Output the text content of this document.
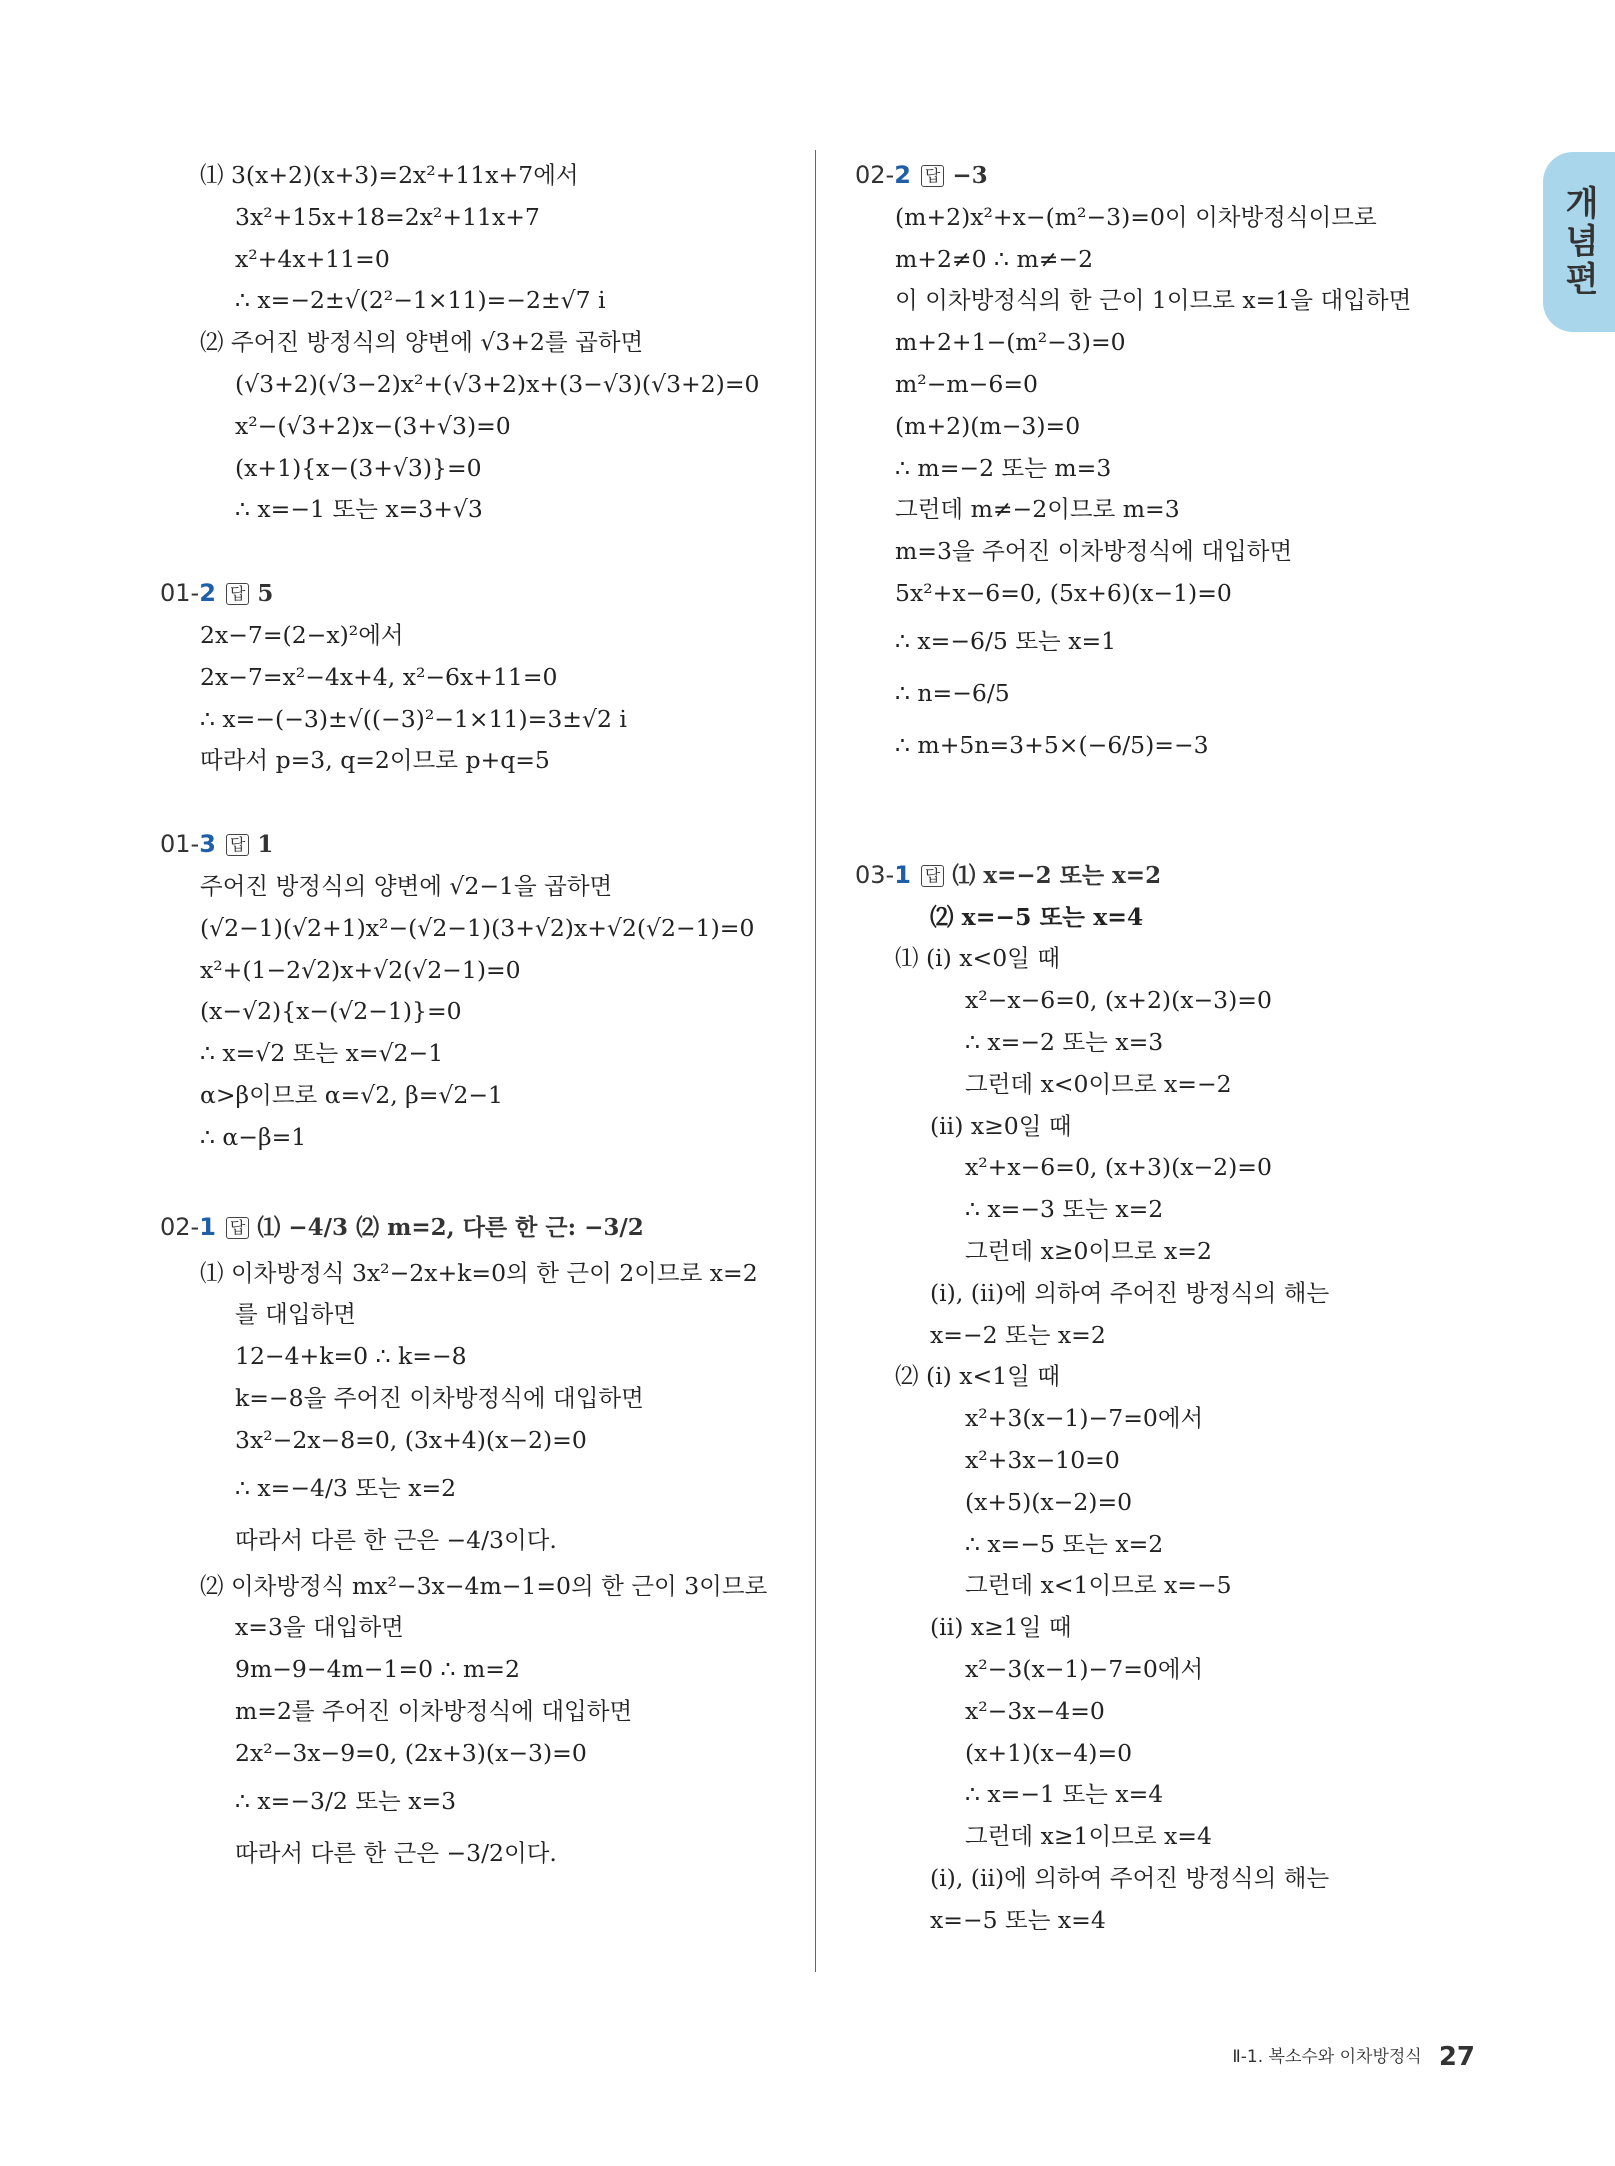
개념편
⑴ 3(x+2)(x+3)=2x²+11x+7에서
3x²+15x+18=2x²+11x+7
x²+4x+11=0
∴ x=−2±√(2²−1×11)=−2±√7 i
⑵ 주어진 방정식의 양변에 √3+2를 곱하면
(√3+2)(√3−2)x²+(√3+2)x+(3−√3)(√3+2)=0
x²−(√3+2)x−(3+√3)=0
(x+1){x−(3+√3)}=0
∴ x=−1 또는 x=3+√3
01-2 답 5
2x−7=(2−x)²에서
2x−7=x²−4x+4, x²−6x+11=0
∴ x=−(−3)±√((−3)²−1×11)=3±√2 i
따라서 p=3, q=2이므로 p+q=5
01-3 답 1
주어진 방정식의 양변에 √2−1을 곱하면
(√2−1)(√2+1)x²−(√2−1)(3+√2)x+√2(√2−1)=0
x²+(1−2√2)x+√2(√2−1)=0
(x−√2){x−(√2−1)}=0
∴ x=√2 또는 x=√2−1
α>β이므로 α=√2, β=√2−1
∴ α−β=1
02-1 답 ⑴ −4/3 ⑵ m=2, 다른 한 근: −3/2
⑴ 이차방정식 3x²−2x+k=0의 한 근이 2이므로 x=2
를 대입하면
12−4+k=0 ∴ k=−8
k=−8을 주어진 이차방정식에 대입하면
3x²−2x−8=0, (3x+4)(x−2)=0
∴ x=−4/3 또는 x=2
따라서 다른 한 근은 −4/3이다.
⑵ 이차방정식 mx²−3x−4m−1=0의 한 근이 3이므로
x=3을 대입하면
9m−9−4m−1=0 ∴ m=2
m=2를 주어진 이차방정식에 대입하면
2x²−3x−9=0, (2x+3)(x−3)=0
∴ x=−3/2 또는 x=3
따라서 다른 한 근은 −3/2이다.
02-2 답 −3
(m+2)x²+x−(m²−3)=0이 이차방정식이므로
m+2≠0 ∴ m≠−2
이 이차방정식의 한 근이 1이므로 x=1을 대입하면
m+2+1−(m²−3)=0
m²−m−6=0
(m+2)(m−3)=0
∴ m=−2 또는 m=3
그런데 m≠−2이므로 m=3
m=3을 주어진 이차방정식에 대입하면
5x²+x−6=0, (5x+6)(x−1)=0
∴ x=−6/5 또는 x=1
∴ n=−6/5
∴ m+5n=3+5×(−6/5)=−3
03-1 답 ⑴ x=−2 또는 x=2
⑵ x=−5 또는 x=4
⑴ (ⅰ) x<0일 때
x²−x−6=0, (x+2)(x−3)=0
∴ x=−2 또는 x=3
그런데 x<0이므로 x=−2
(ⅱ) x≥0일 때
x²+x−6=0, (x+3)(x−2)=0
∴ x=−3 또는 x=2
그런데 x≥0이므로 x=2
(ⅰ), (ⅱ)에 의하여 주어진 방정식의 해는
x=−2 또는 x=2
⑵ (ⅰ) x<1일 때
x²+3(x−1)−7=0에서
x²+3x−10=0
(x+5)(x−2)=0
∴ x=−5 또는 x=2
그런데 x<1이므로 x=−5
(ⅱ) x≥1일 때
x²−3(x−1)−7=0에서
x²−3x−4=0
(x+1)(x−4)=0
∴ x=−1 또는 x=4
그런데 x≥1이므로 x=4
(ⅰ), (ⅱ)에 의하여 주어진 방정식의 해는
x=−5 또는 x=4
Ⅱ-1. 복소수와 이차방정식 27
